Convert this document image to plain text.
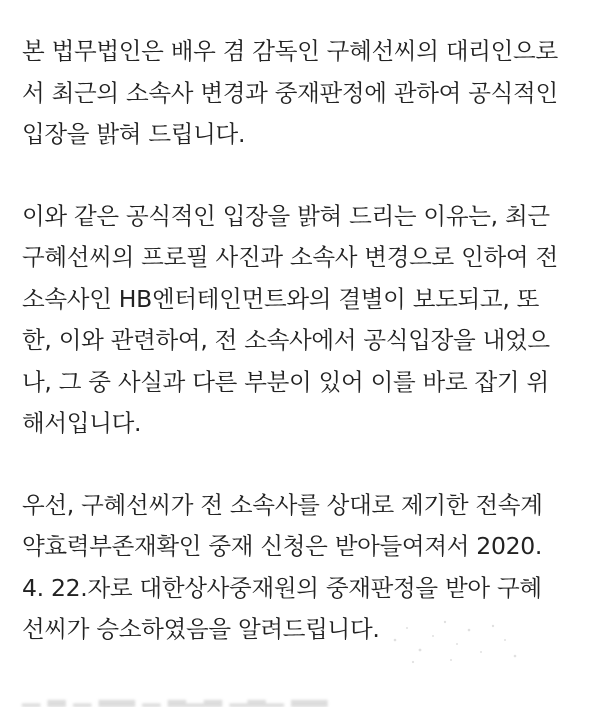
본 법무법인은 배우 겸 감독인 구혜선씨의 대리인으로
서 최근의 소속사 변경과 중재판정에 관하여 공식적인
입장을 밝혀 드립니다.
이와 같은 공식적인 입장을 밝혀 드리는 이유는, 최근
구혜선씨의 프로필 사진과 소속사 변경으로 인하여 전
소속사인 HB엔터테인먼트와의 결별이 보도되고, 또
한, 이와 관련하여, 전 소속사에서 공식입장을 내었으
나, 그 중 사실과 다른 부분이 있어 이를 바로 잡기 위
해서입니다.
우선, 구혜선씨가 전 소속사를 상대로 제기한 전속계
약효력부존재확인 중재 신청은 받아들여져서 2020.
4. 22.자로 대한상사중재원의 중재판정을 받아 구혜
선씨가 승소하였음을 알려드립니다.
▁ ▂ ▁ ▂▂ ▁ ▂▁▂ ▁▂▁ ▂▂
